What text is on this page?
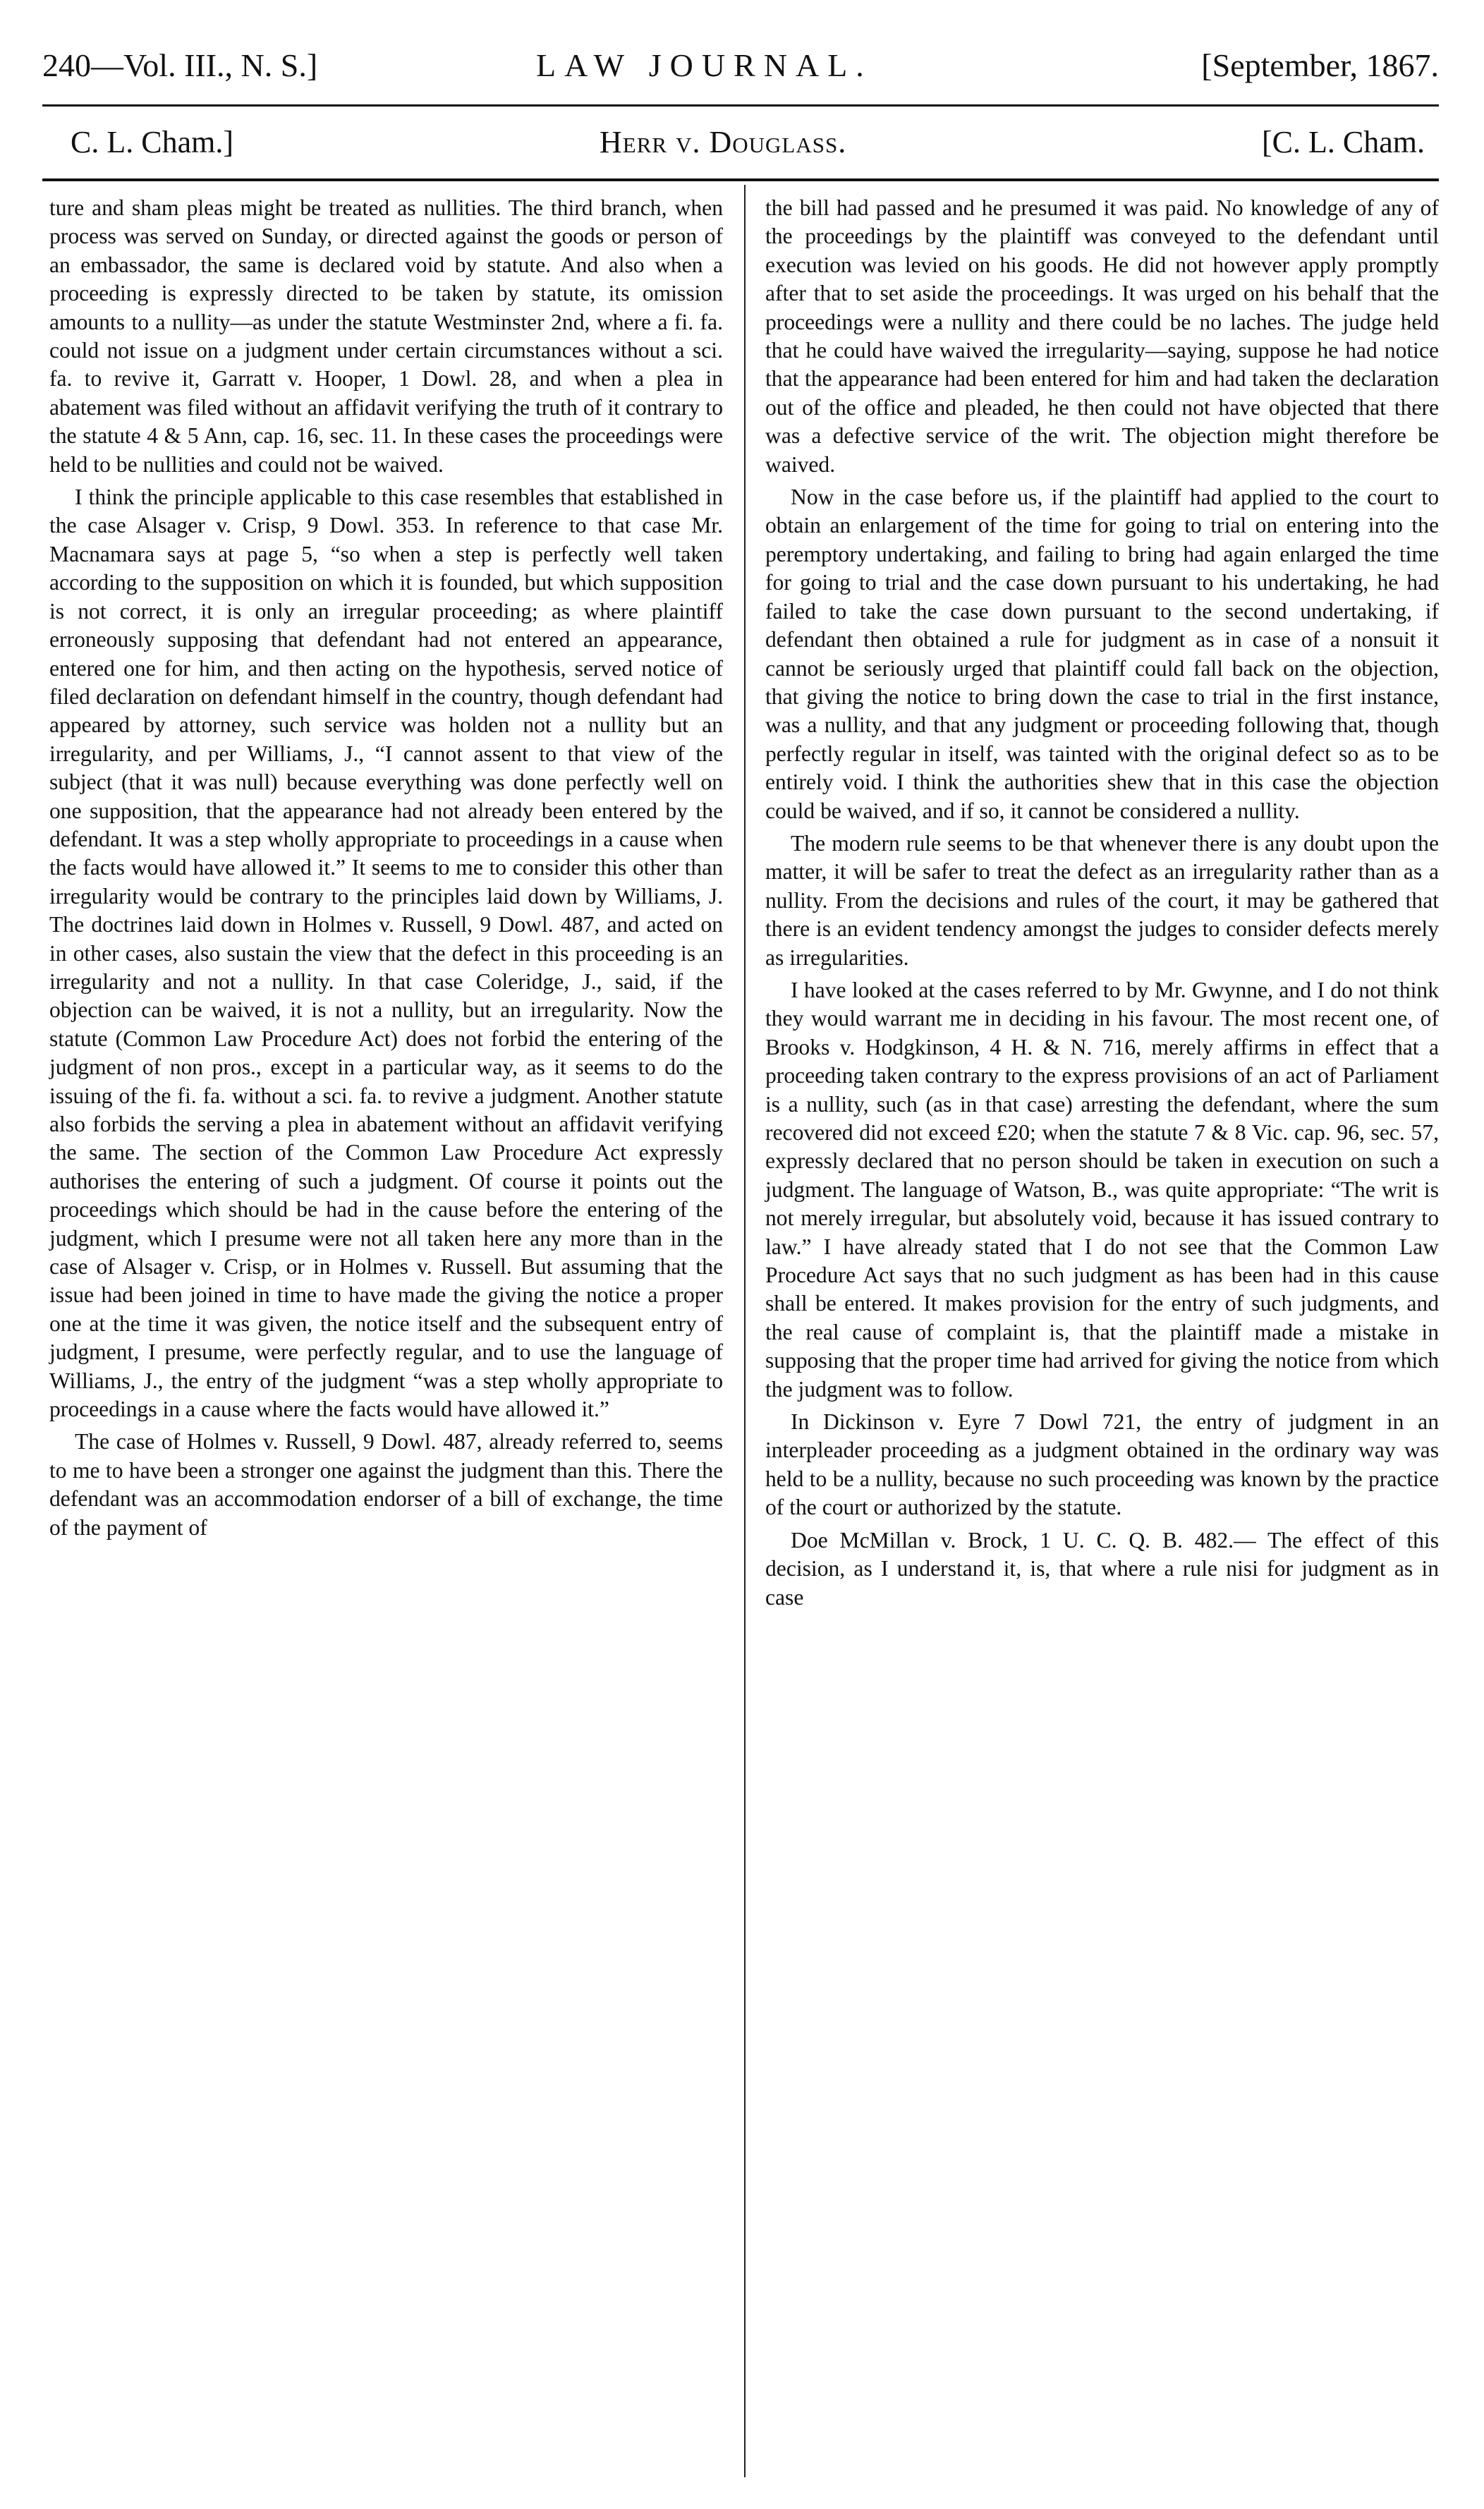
240—Vol. III., N. S.]	LAW JOURNAL.	[September, 1867.
C. L. Cham.]	Herr v. Douglass.	[C. L. Cham.

ture and sham pleas might be treated as nullities. The third branch, when process was served on Sunday, or directed against the goods or person of an embassador, the same is declared void by statute. And also when a proceeding is expressly directed to be taken by statute, its omission amounts to a nullity—as under the statute Westminster 2nd, where a fi. fa. could not issue on a judgment under certain circumstances without a sci. fa. to revive it, Garratt v. Hooper, 1 Dowl. 28, and when a plea in abatement was filed without an affidavit verifying the truth of it contrary to the statute 4 & 5 Ann, cap. 16, sec. 11. In these cases the proceedings were held to be nullities and could not be waived.

I think the principle applicable to this case resembles that established in the case Alsager v. Crisp, 9 Dowl. 353. In reference to that case Mr. Macnamara says at page 5, “so when a step is perfectly well taken according to the supposition on which it is founded, but which supposition is not correct, it is only an irregular proceeding; as where plaintiff erroneously supposing that defendant had not entered an appearance, entered one for him, and then acting on the hypothesis, served notice of filed declaration on defendant himself in the country, though defendant had appeared by attorney, such service was holden not a nullity but an irregularity, and per Williams, J., “I cannot assent to that view of the subject (that it was null) because everything was done perfectly well on one supposition, that the appearance had not already been entered by the defendant. It was a step wholly appropriate to proceedings in a cause when the facts would have allowed it.” It seems to me to consider this other than irregularity would be contrary to the principles laid down by Williams, J. The doctrines laid down in Holmes v. Russell, 9 Dowl. 487, and acted on in other cases, also sustain the view that the defect in this proceeding is an irregularity and not a nullity. In that case Coleridge, J., said, if the objection can be waived, it is not a nullity, but an irregularity. Now the statute (Common Law Procedure Act) does not forbid the entering of the judgment of non pros., except in a particular way, as it seems to do the issuing of the fi. fa. without a sci. fa. to revive a judgment. Another statute also forbids the serving a plea in abatement without an affidavit verifying the same. The section of the Common Law Procedure Act expressly authorises the entering of such a judgment. Of course it points out the proceedings which should be had in the cause before the entering of the judgment, which I presume were not all taken here any more than in the case of Alsager v. Crisp, or in Holmes v. Russell. But assuming that the issue had been joined in time to have made the giving the notice a proper one at the time it was given, the notice itself and the subsequent entry of judgment, I presume, were perfectly regular, and to use the language of Williams, J., the entry of the judgment “was a step wholly appropriate to proceedings in a cause where the facts would have allowed it.”

The case of Holmes v. Russell, 9 Dowl. 487, already referred to, seems to me to have been a stronger one against the judgment than this. There the defendant was an accommodation endorser of a bill of exchange, the time of the payment of

the bill had passed and he presumed it was paid. No knowledge of any of the proceedings by the plaintiff was conveyed to the defendant until execution was levied on his goods. He did not however apply promptly after that to set aside the proceedings. It was urged on his behalf that the proceedings were a nullity and there could be no laches. The judge held that he could have waived the irregularity—saying, suppose he had notice that the appearance had been entered for him and had taken the declaration out of the office and pleaded, he then could not have objected that there was a defective service of the writ. The objection might therefore be waived.

Now in the case before us, if the plaintiff had applied to the court to obtain an enlargement of the time for going to trial on entering into the peremptory undertaking, and failing to bring had again enlarged the time for going to trial and the case down pursuant to his undertaking, he had failed to take the case down pursuant to the second undertaking, if defendant then obtained a rule for judgment as in case of a nonsuit it cannot be seriously urged that plaintiff could fall back on the objection, that giving the notice to bring down the case to trial in the first instance, was a nullity, and that any judgment or proceeding following that, though perfectly regular in itself, was tainted with the original defect so as to be entirely void. I think the authorities shew that in this case the objection could be waived, and if so, it cannot be considered a nullity.

The modern rule seems to be that whenever there is any doubt upon the matter, it will be safer to treat the defect as an irregularity rather than as a nullity. From the decisions and rules of the court, it may be gathered that there is an evident tendency amongst the judges to consider defects merely as irregularities.

I have looked at the cases referred to by Mr. Gwynne, and I do not think they would warrant me in deciding in his favour. The most recent one, of Brooks v. Hodgkinson, 4 H. & N. 716, merely affirms in effect that a proceeding taken contrary to the express provisions of an act of Parliament is a nullity, such (as in that case) arresting the defendant, where the sum recovered did not exceed £20; when the statute 7 & 8 Vic. cap. 96, sec. 57, expressly declared that no person should be taken in execution on such a judgment. The language of Watson, B., was quite appropriate: “The writ is not merely irregular, but absolutely void, because it has issued contrary to law.” I have already stated that I do not see that the Common Law Procedure Act says that no such judgment as has been had in this cause shall be entered. It makes provision for the entry of such judgments, and the real cause of complaint is, that the plaintiff made a mistake in supposing that the proper time had arrived for giving the notice from which the judgment was to follow.

In Dickinson v. Eyre 7 Dowl 721, the entry of judgment in an interpleader proceeding as a judgment obtained in the ordinary way was held to be a nullity, because no such proceeding was known by the practice of the court or authorized by the statute.

Doe McMillan v. Brock, 1 U. C. Q. B. 482.— The effect of this decision, as I understand it, is, that where a rule nisi for judgment as in case
